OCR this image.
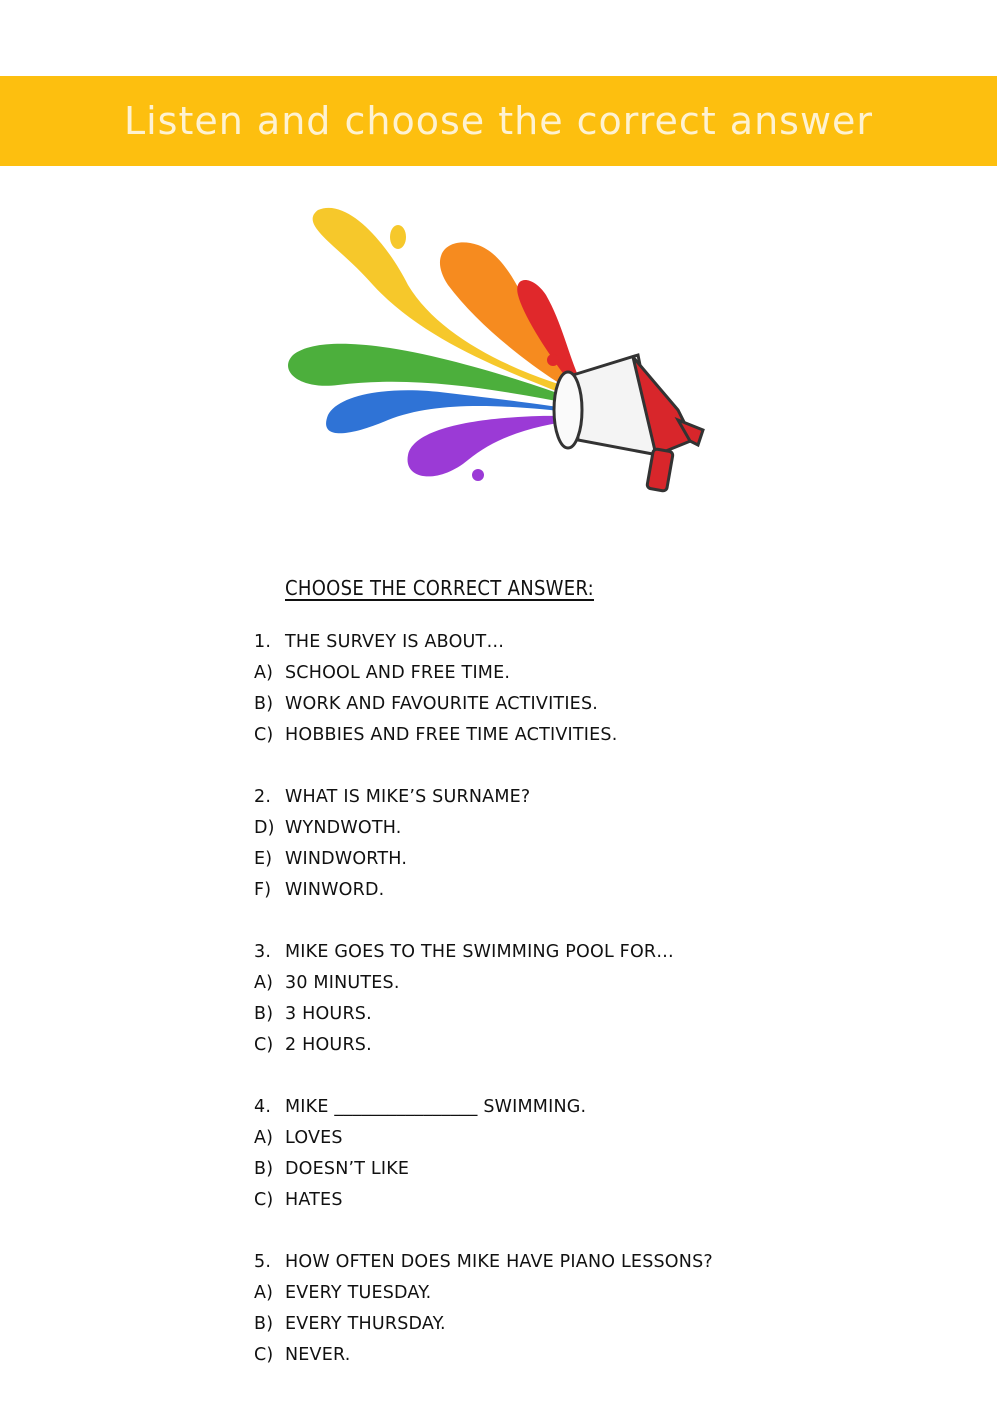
Listen and choose the correct answer
CHOOSE THE CORRECT ANSWER:
1. THE SURVEY IS ABOUT…
A) SCHOOL AND FREE TIME.
B) WORK AND FAVOURITE ACTIVITIES.
C) HOBBIES AND FREE TIME ACTIVITIES.
2. WHAT IS MIKE’S SURNAME?
D) WYNDWOTH.
E) WINDWORTH.
F) WINWORD.
3. MIKE GOES TO THE SWIMMING POOL FOR…
A) 30 MINUTES.
B) 3 HOURS.
C) 2 HOURS.
4. MIKE ________________ SWIMMING.
A) LOVES
B) DOESN’T LIKE
C) HATES
5. HOW OFTEN DOES MIKE HAVE PIANO LESSONS?
A) EVERY TUESDAY.
B) EVERY THURSDAY.
C) NEVER.
